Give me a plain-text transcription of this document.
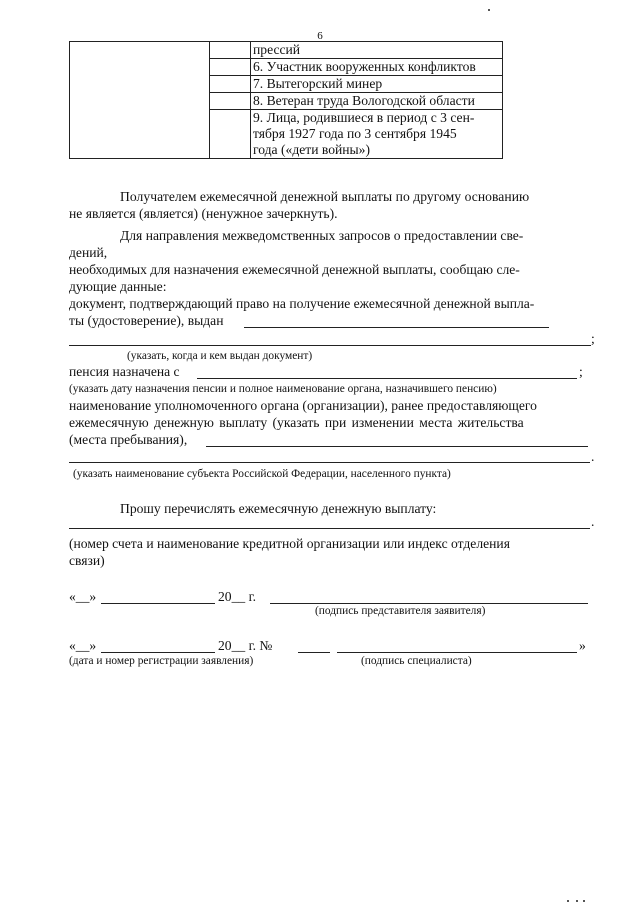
6
		прессий
		6. Участник вооруженных конфликтов
		7. Вытегорский минер
		8. Ветеран труда Вологодской области
		9. Лица, родившиеся в период с 3 сен-
		тября 1927 года по 3 сентября 1945
		года («дети войны»)
Получателем ежемесячной денежной выплаты по другому основанию
не является (является) (ненужное зачеркнуть).
Для направления межведомственных запросов о предоставлении све-
дений,
необходимых для назначения ежемесячной денежной выплаты, сообщаю сле-
дующие данные:
документ, подтверждающий право на получение ежемесячной денежной выпла-
ты (удостоверение), выдан
;
(указать, когда и кем выдан документ)
пенсия назначена с	;
(указать дату назначения пенсии и полное наименование органа, назначившего пенсию)
наименование уполномоченного органа (организации), ранее предоставляющего
ежемесячную денежную выплату (указать при изменении места жительства
(места пребывания),
.
(указать наименование субъекта Российской Федерации, населенного пункта)
Прошу перечислять ежемесячную денежную выплату:
.
(номер счета и наименование кредитной организации или индекс отделения
связи)
«__»	20__ г.
(подпись представителя заявителя)
«__»	20__ г. №	»
(дата и номер регистрации заявления)	(подпись специалиста)
